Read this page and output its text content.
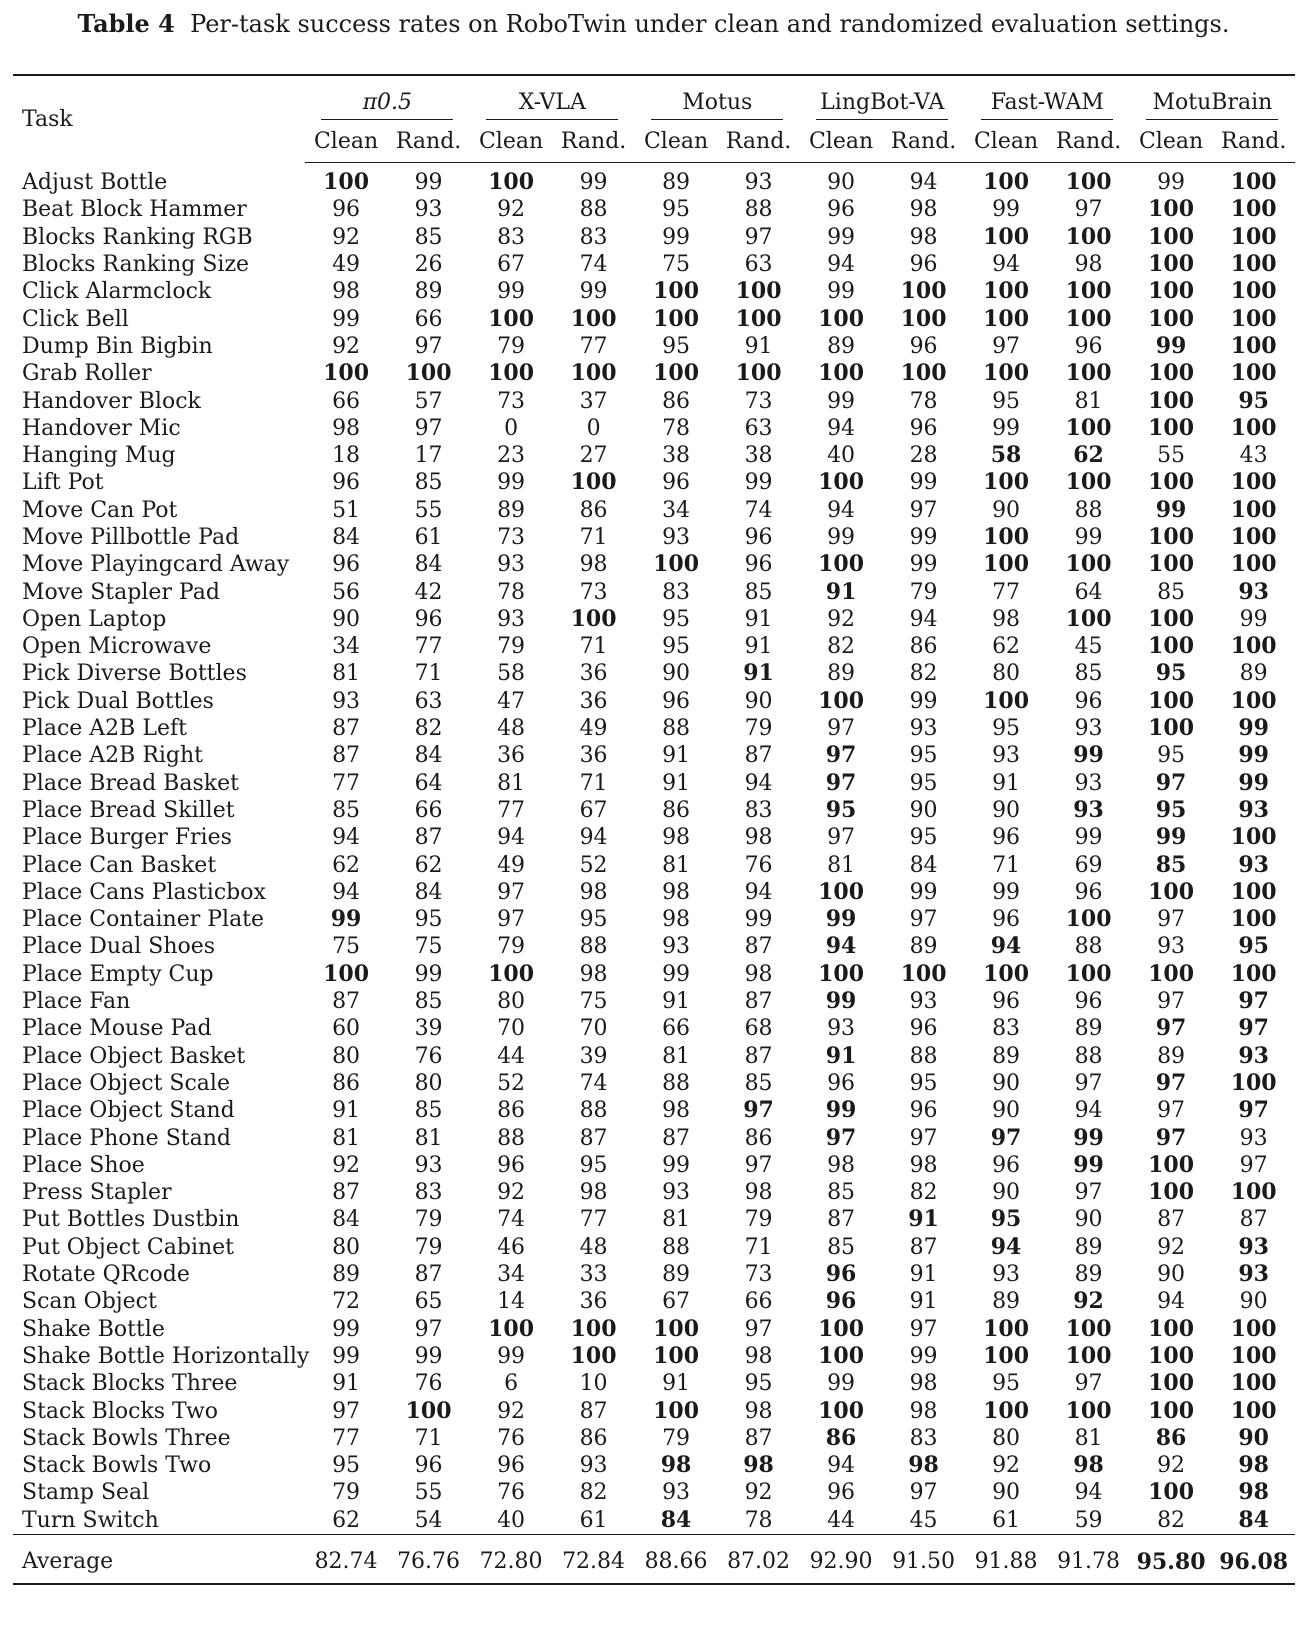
Table 4 Per-task success rates on RoboTwin under clean and randomized evaluation settings.
Task	π0.5		X-VLA		Motus		LingBot-VA		Fast-WAM		MotuBrain	
	Clean	Rand.	Clean	Rand.	Clean	Rand.	Clean	Rand.	Clean	Rand.	Clean	Rand.
Adjust Bottle	100	99	100	99	89	93	90	94	100	100	99	100
Beat Block Hammer	96	93	92	88	95	88	96	98	99	97	100	100
Blocks Ranking RGB	92	85	83	83	99	97	99	98	100	100	100	100
Blocks Ranking Size	49	26	67	74	75	63	94	96	94	98	100	100
Click Alarmclock	98	89	99	99	100	100	99	100	100	100	100	100
Click Bell	99	66	100	100	100	100	100	100	100	100	100	100
Dump Bin Bigbin	92	97	79	77	95	91	89	96	97	96	99	100
Grab Roller	100	100	100	100	100	100	100	100	100	100	100	100
Handover Block	66	57	73	37	86	73	99	78	95	81	100	95
Handover Mic	98	97	0	0	78	63	94	96	99	100	100	100
Hanging Mug	18	17	23	27	38	38	40	28	58	62	55	43
Lift Pot	96	85	99	100	96	99	100	99	100	100	100	100
Move Can Pot	51	55	89	86	34	74	94	97	90	88	99	100
Move Pillbottle Pad	84	61	73	71	93	96	99	99	100	99	100	100
Move Playingcard Away	96	84	93	98	100	96	100	99	100	100	100	100
Move Stapler Pad	56	42	78	73	83	85	91	79	77	64	85	93
Open Laptop	90	96	93	100	95	91	92	94	98	100	100	99
Open Microwave	34	77	79	71	95	91	82	86	62	45	100	100
Pick Diverse Bottles	81	71	58	36	90	91	89	82	80	85	95	89
Pick Dual Bottles	93	63	47	36	96	90	100	99	100	96	100	100
Place A2B Left	87	82	48	49	88	79	97	93	95	93	100	99
Place A2B Right	87	84	36	36	91	87	97	95	93	99	95	99
Place Bread Basket	77	64	81	71	91	94	97	95	91	93	97	99
Place Bread Skillet	85	66	77	67	86	83	95	90	90	93	95	93
Place Burger Fries	94	87	94	94	98	98	97	95	96	99	99	100
Place Can Basket	62	62	49	52	81	76	81	84	71	69	85	93
Place Cans Plasticbox	94	84	97	98	98	94	100	99	99	96	100	100
Place Container Plate	99	95	97	95	98	99	99	97	96	100	97	100
Place Dual Shoes	75	75	79	88	93	87	94	89	94	88	93	95
Place Empty Cup	100	99	100	98	99	98	100	100	100	100	100	100
Place Fan	87	85	80	75	91	87	99	93	96	96	97	97
Place Mouse Pad	60	39	70	70	66	68	93	96	83	89	97	97
Place Object Basket	80	76	44	39	81	87	91	88	89	88	89	93
Place Object Scale	86	80	52	74	88	85	96	95	90	97	97	100
Place Object Stand	91	85	86	88	98	97	99	96	90	94	97	97
Place Phone Stand	81	81	88	87	87	86	97	97	97	99	97	93
Place Shoe	92	93	96	95	99	97	98	98	96	99	100	97
Press Stapler	87	83	92	98	93	98	85	82	90	97	100	100
Put Bottles Dustbin	84	79	74	77	81	79	87	91	95	90	87	87
Put Object Cabinet	80	79	46	48	88	71	85	87	94	89	92	93
Rotate QRcode	89	87	34	33	89	73	96	91	93	89	90	93
Scan Object	72	65	14	36	67	66	96	91	89	92	94	90
Shake Bottle	99	97	100	100	100	97	100	97	100	100	100	100
Shake Bottle Horizontally	99	99	99	100	100	98	100	99	100	100	100	100
Stack Blocks Three	91	76	6	10	91	95	99	98	95	97	100	100
Stack Blocks Two	97	100	92	87	100	98	100	98	100	100	100	100
Stack Bowls Three	77	71	76	86	79	87	86	83	80	81	86	90
Stack Bowls Two	95	96	96	93	98	98	94	98	92	98	92	98
Stamp Seal	79	55	76	82	93	92	96	97	90	94	100	98
Turn Switch	62	54	40	61	84	78	44	45	61	59	82	84
Average	82.74	76.76	72.80	72.84	88.66	87.02	92.90	91.50	91.88	91.78	95.80	96.08
